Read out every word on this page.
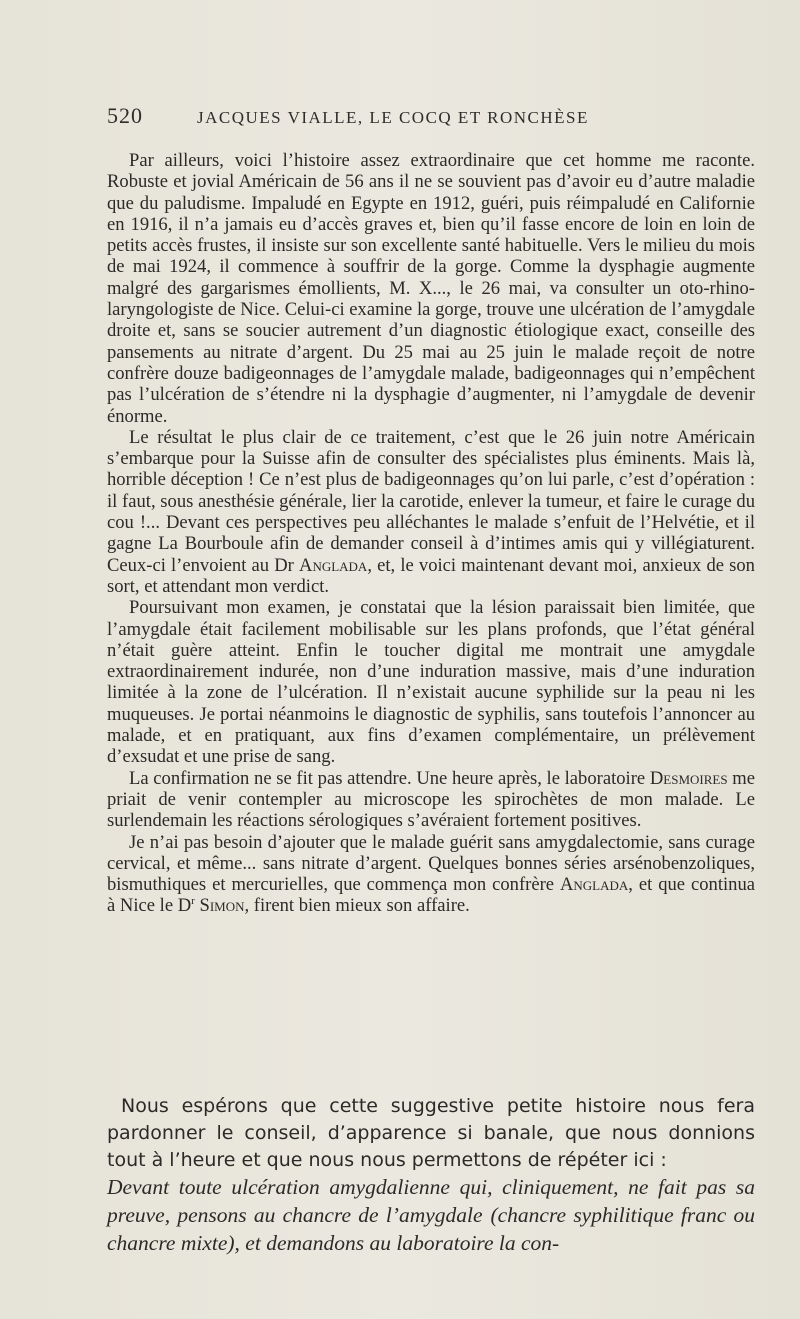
520	JACQUES VIALLE, LE COCQ ET RONCHÈSE

Par ailleurs, voici l’histoire assez extraordinaire que cet homme me raconte. Robuste et jovial Américain de 56 ans il ne se souvient pas d’avoir eu d’autre maladie que du paludisme. Impaludé en Egypte en 1912, guéri, puis réimpaludé en Californie en 1916, il n’a jamais eu d’accès graves et, bien qu’il fasse encore de loin en loin de petits accès frustes, il insiste sur son excellente santé habituelle. Vers le milieu du mois de mai 1924, il commence à souffrir de la gorge. Comme la dysphagie augmente malgré des gargarismes émollients, M. X..., le 26 mai, va consulter un oto-rhino-laryngologiste de Nice. Celui-ci examine la gorge, trouve une ulcération de l’amygdale droite et, sans se soucier autrement d’un diagnostic étiologique exact, conseille des pansements au nitrate d’argent. Du 25 mai au 25 juin le malade reçoit de notre confrère douze badigeonnages de l’amygdale malade, badigeonnages qui n’empêchent pas l’ulcération de s’étendre ni la dysphagie d’augmenter, ni l’amygdale de devenir énorme.

Le résultat le plus clair de ce traitement, c’est que le 26 juin notre Américain s’embarque pour la Suisse afin de consulter des spécialistes plus éminents. Mais là, horrible déception ! Ce n’est plus de badigeonnages qu’on lui parle, c’est d’opération : il faut, sous anesthésie générale, lier la carotide, enlever la tumeur, et faire le curage du cou !... Devant ces perspectives peu alléchantes le malade s’enfuit de l’Helvétie, et il gagne La Bourboule afin de demander conseil à d’intimes amis qui y villégiaturent. Ceux-ci l’envoient au Dr Anglada, et, le voici maintenant devant moi, anxieux de son sort, et attendant mon verdict.

Poursuivant mon examen, je constatai que la lésion paraissait bien limitée, que l’amygdale était facilement mobilisable sur les plans profonds, que l’état général n’était guère atteint. Enfin le toucher digital me montrait une amygdale extraordinairement indurée, non d’une induration massive, mais d’une induration limitée à la zone de l’ulcération. Il n’existait aucune syphilide sur la peau ni les muqueuses. Je portai néanmoins le diagnostic de syphilis, sans toutefois l’annoncer au malade, et en pratiquant, aux fins d’examen complémentaire, un prélèvement d’exsudat et une prise de sang.

La confirmation ne se fit pas attendre. Une heure après, le laboratoire Desmoires me priait de venir contempler au microscope les spirochètes de mon malade. Le surlendemain les réactions sérologiques s’avéraient fortement positives.

Je n’ai pas besoin d’ajouter que le malade guérit sans amygdalectomie, sans curage cervical, et même... sans nitrate d’argent. Quelques bonnes séries arsénobenzoliques, bismuthiques et mercurielles, que commença mon confrère Anglada, et que continua à Nice le $D^r$ Simon, firent bien mieux son affaire.

Nous espérons que cette suggestive petite histoire nous fera pardonner le conseil, d’apparence si banale, que nous donnions tout à l’heure et que nous nous permettons de répéter ici :
Devant toute ulcération amygdalienne qui, cliniquement, ne fait pas sa preuve, pensons au chancre de l’amygdale (chancre syphilitique franc ou chancre mixte), et demandons au laboratoire la con-
